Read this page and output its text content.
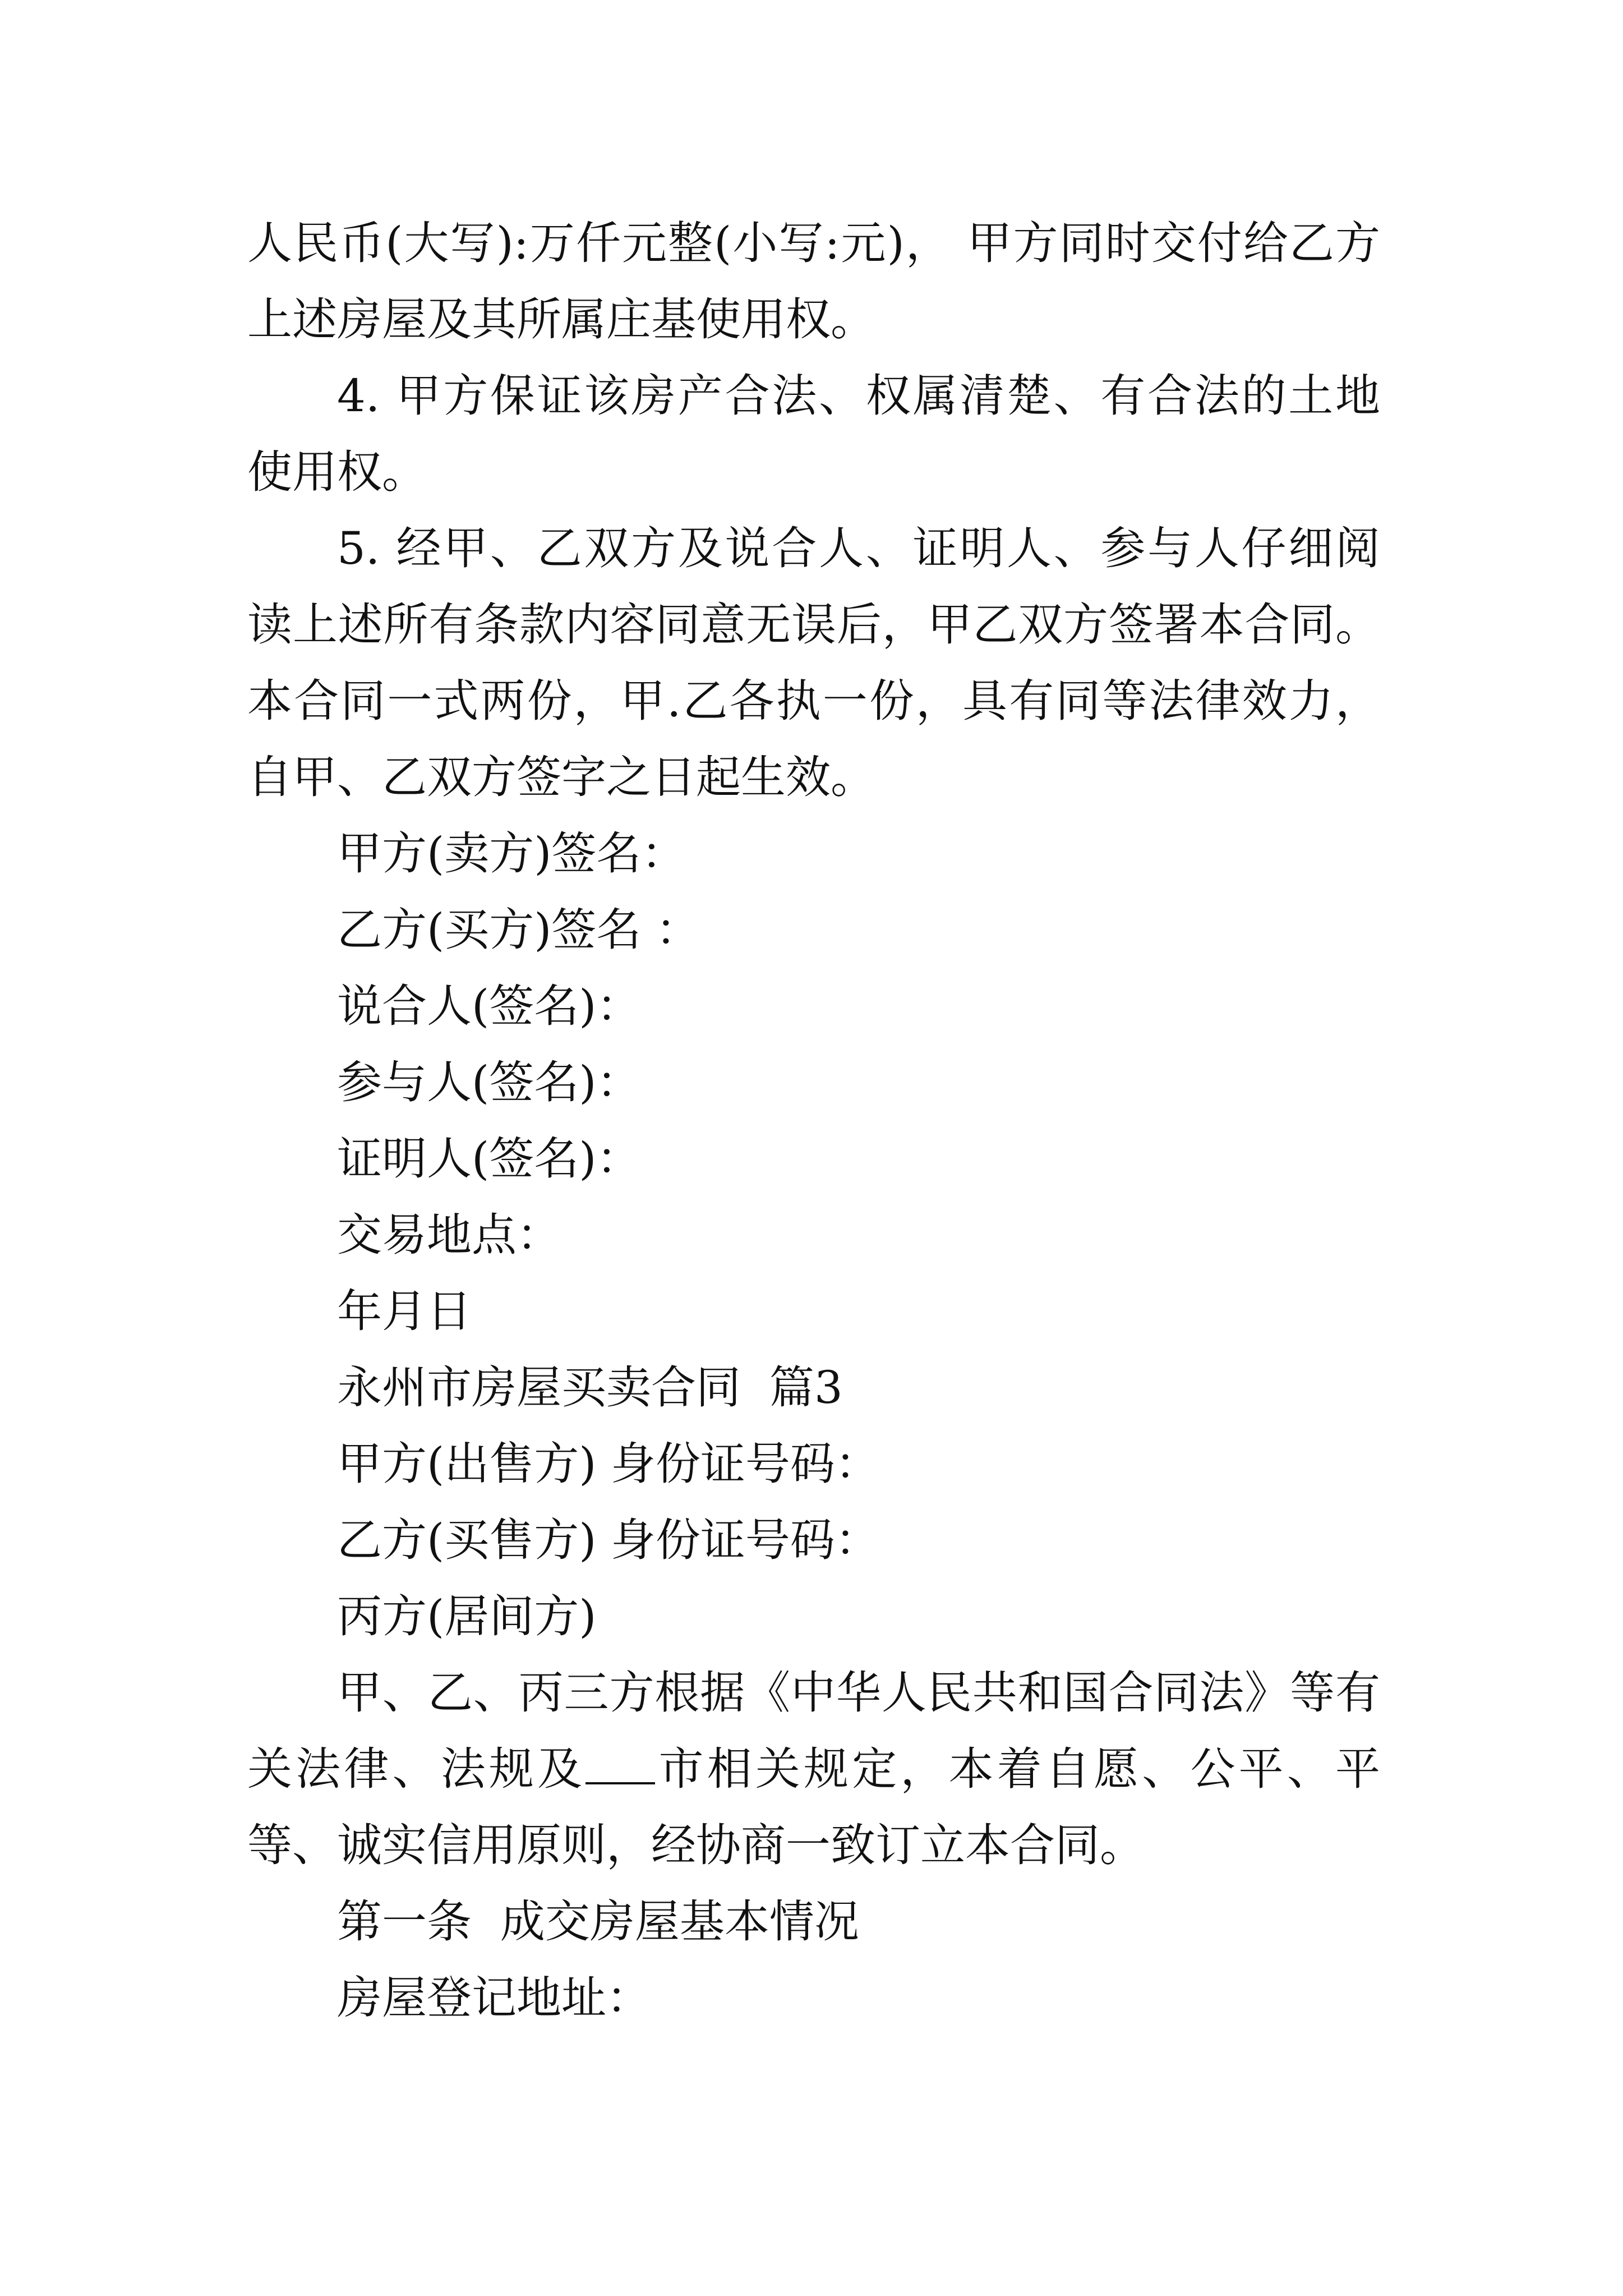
人民币(大写):万仟元整(小写:元)， 甲方同时交付给乙方上述房屋及其所属庄基使用权。

4. 甲方保证该房产合法、权属清楚、有合法的土地使用权。

5. 经甲、乙双方及说合人、证明人、参与人仔细阅读上述所有条款内容同意无误后，甲乙双方签署本合同。本合同一式两份，甲.乙各执一份，具有同等法律效力，自甲、乙双方签字之日起生效。

甲方(卖方)签名：

乙方(买方)签名 ：

说合人(签名)：

参与人(签名)：

证明人(签名)：

交易地点：

年月日

永州市房屋买卖合同  篇3

甲方(出售方) 身份证号码：

乙方(买售方) 身份证号码：

丙方(居间方)

甲、乙、丙三方根据《中华人民共和国合同法》等有关法律、法规及 市相关规定，本着自愿、公平、平等、诚实信用原则，经协商一致订立本合同。

第一条  成交房屋基本情况

房屋登记地址：
